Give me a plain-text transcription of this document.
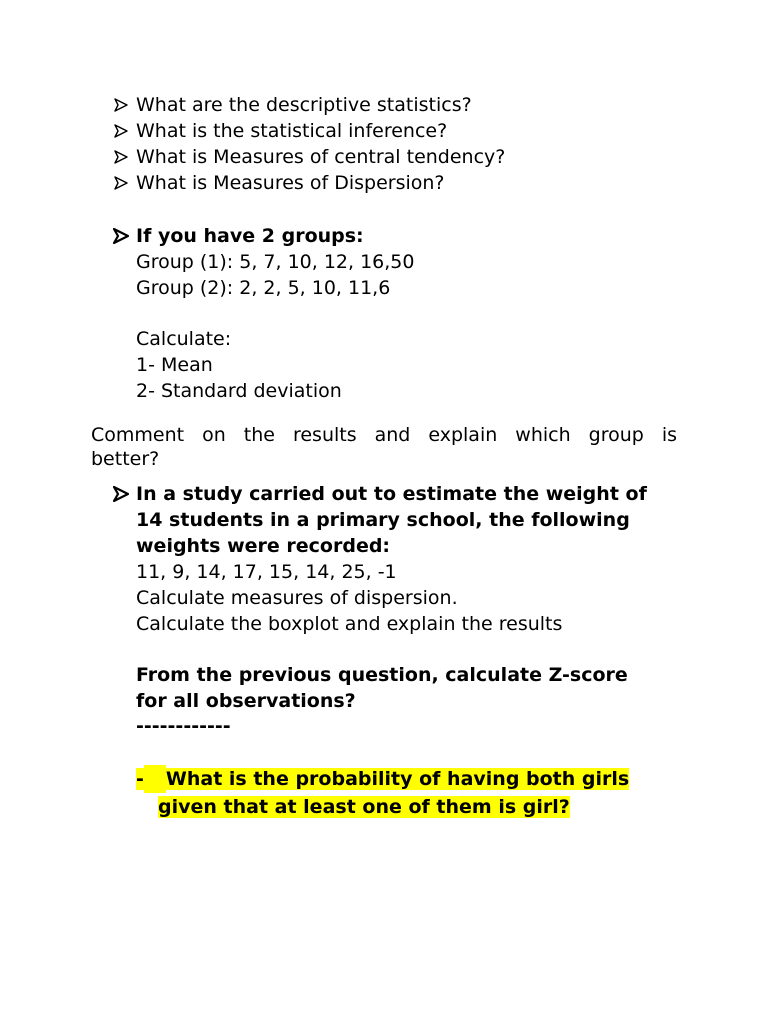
What are the descriptive statistics?
What is the statistical inference?
What is Measures of central tendency?
What is Measures of Dispersion?
If you have 2 groups:
Group (1): 5, 7, 10, 12, 16,50
Group (2): 2, 2, 5, 10, 11,6
Calculate:
1- Mean
2- Standard deviation
Comment on the results and explain which group is
better?
In a study carried out to estimate the weight of
14 students in a primary school, the following
weights were recorded:
11, 9, 14, 17, 15, 14, 25, -1
Calculate measures of dispersion.
Calculate the boxplot and explain the results
From the previous question, calculate Z-score
for all observations?
------------
- What is the probability of having both girls
given that at least one of them is girl?
